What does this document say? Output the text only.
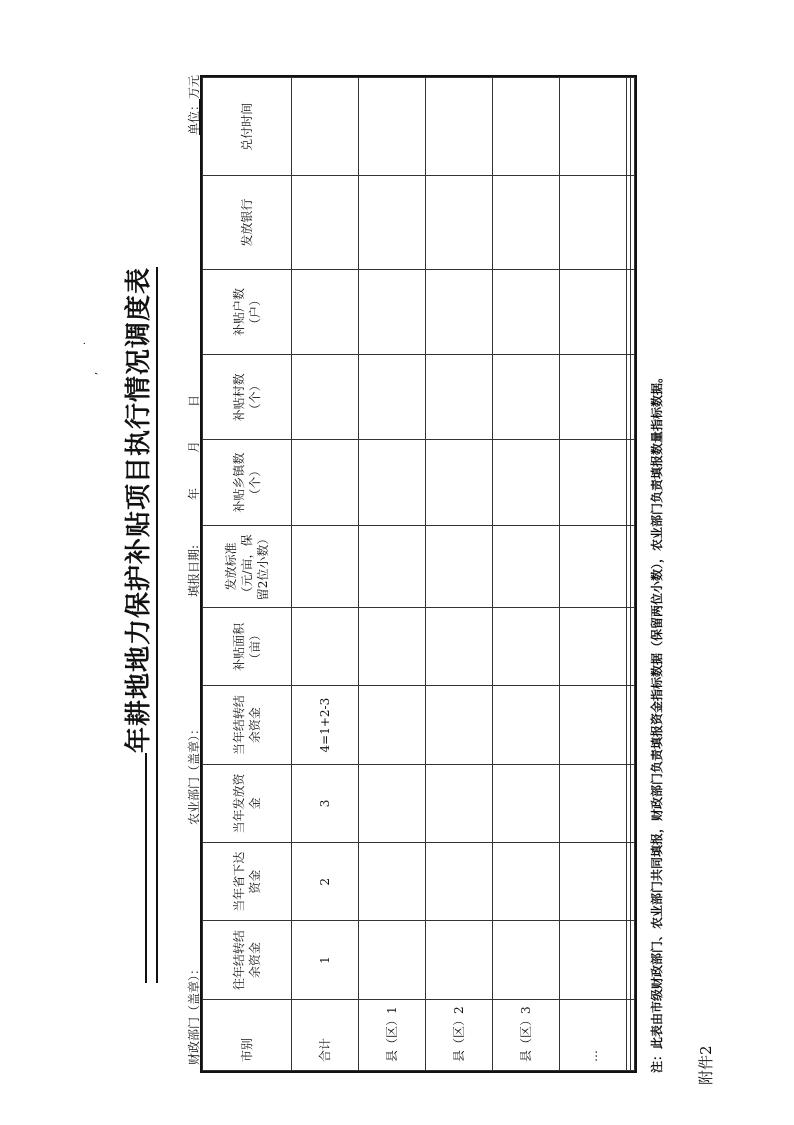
附件2
·
, 年耕地地力保护补贴项目执行情况调度表
财政部门（盖章）：
农业部门（盖章）：
填报日期:
年
月
日
单位：万元
市别	往年结转结余资金	当年省下达资金	当年发放资金	当年结转结余资金	补贴面积（亩）	发放标准（元/亩，保留2位小数）	补贴乡镇数（个）	补贴村数（个）	补贴户数（户）	发放银行	兑付时间
合计	1	2	3	4=1+2-3							
县（区）1											
县（区）2											
县（区）3											
…											

												注：此表由市级财政部门、农业部门共同填报，财政部门负责填报资金指标数据（保留两位小数），农业部门负责填报数量指标数据。
